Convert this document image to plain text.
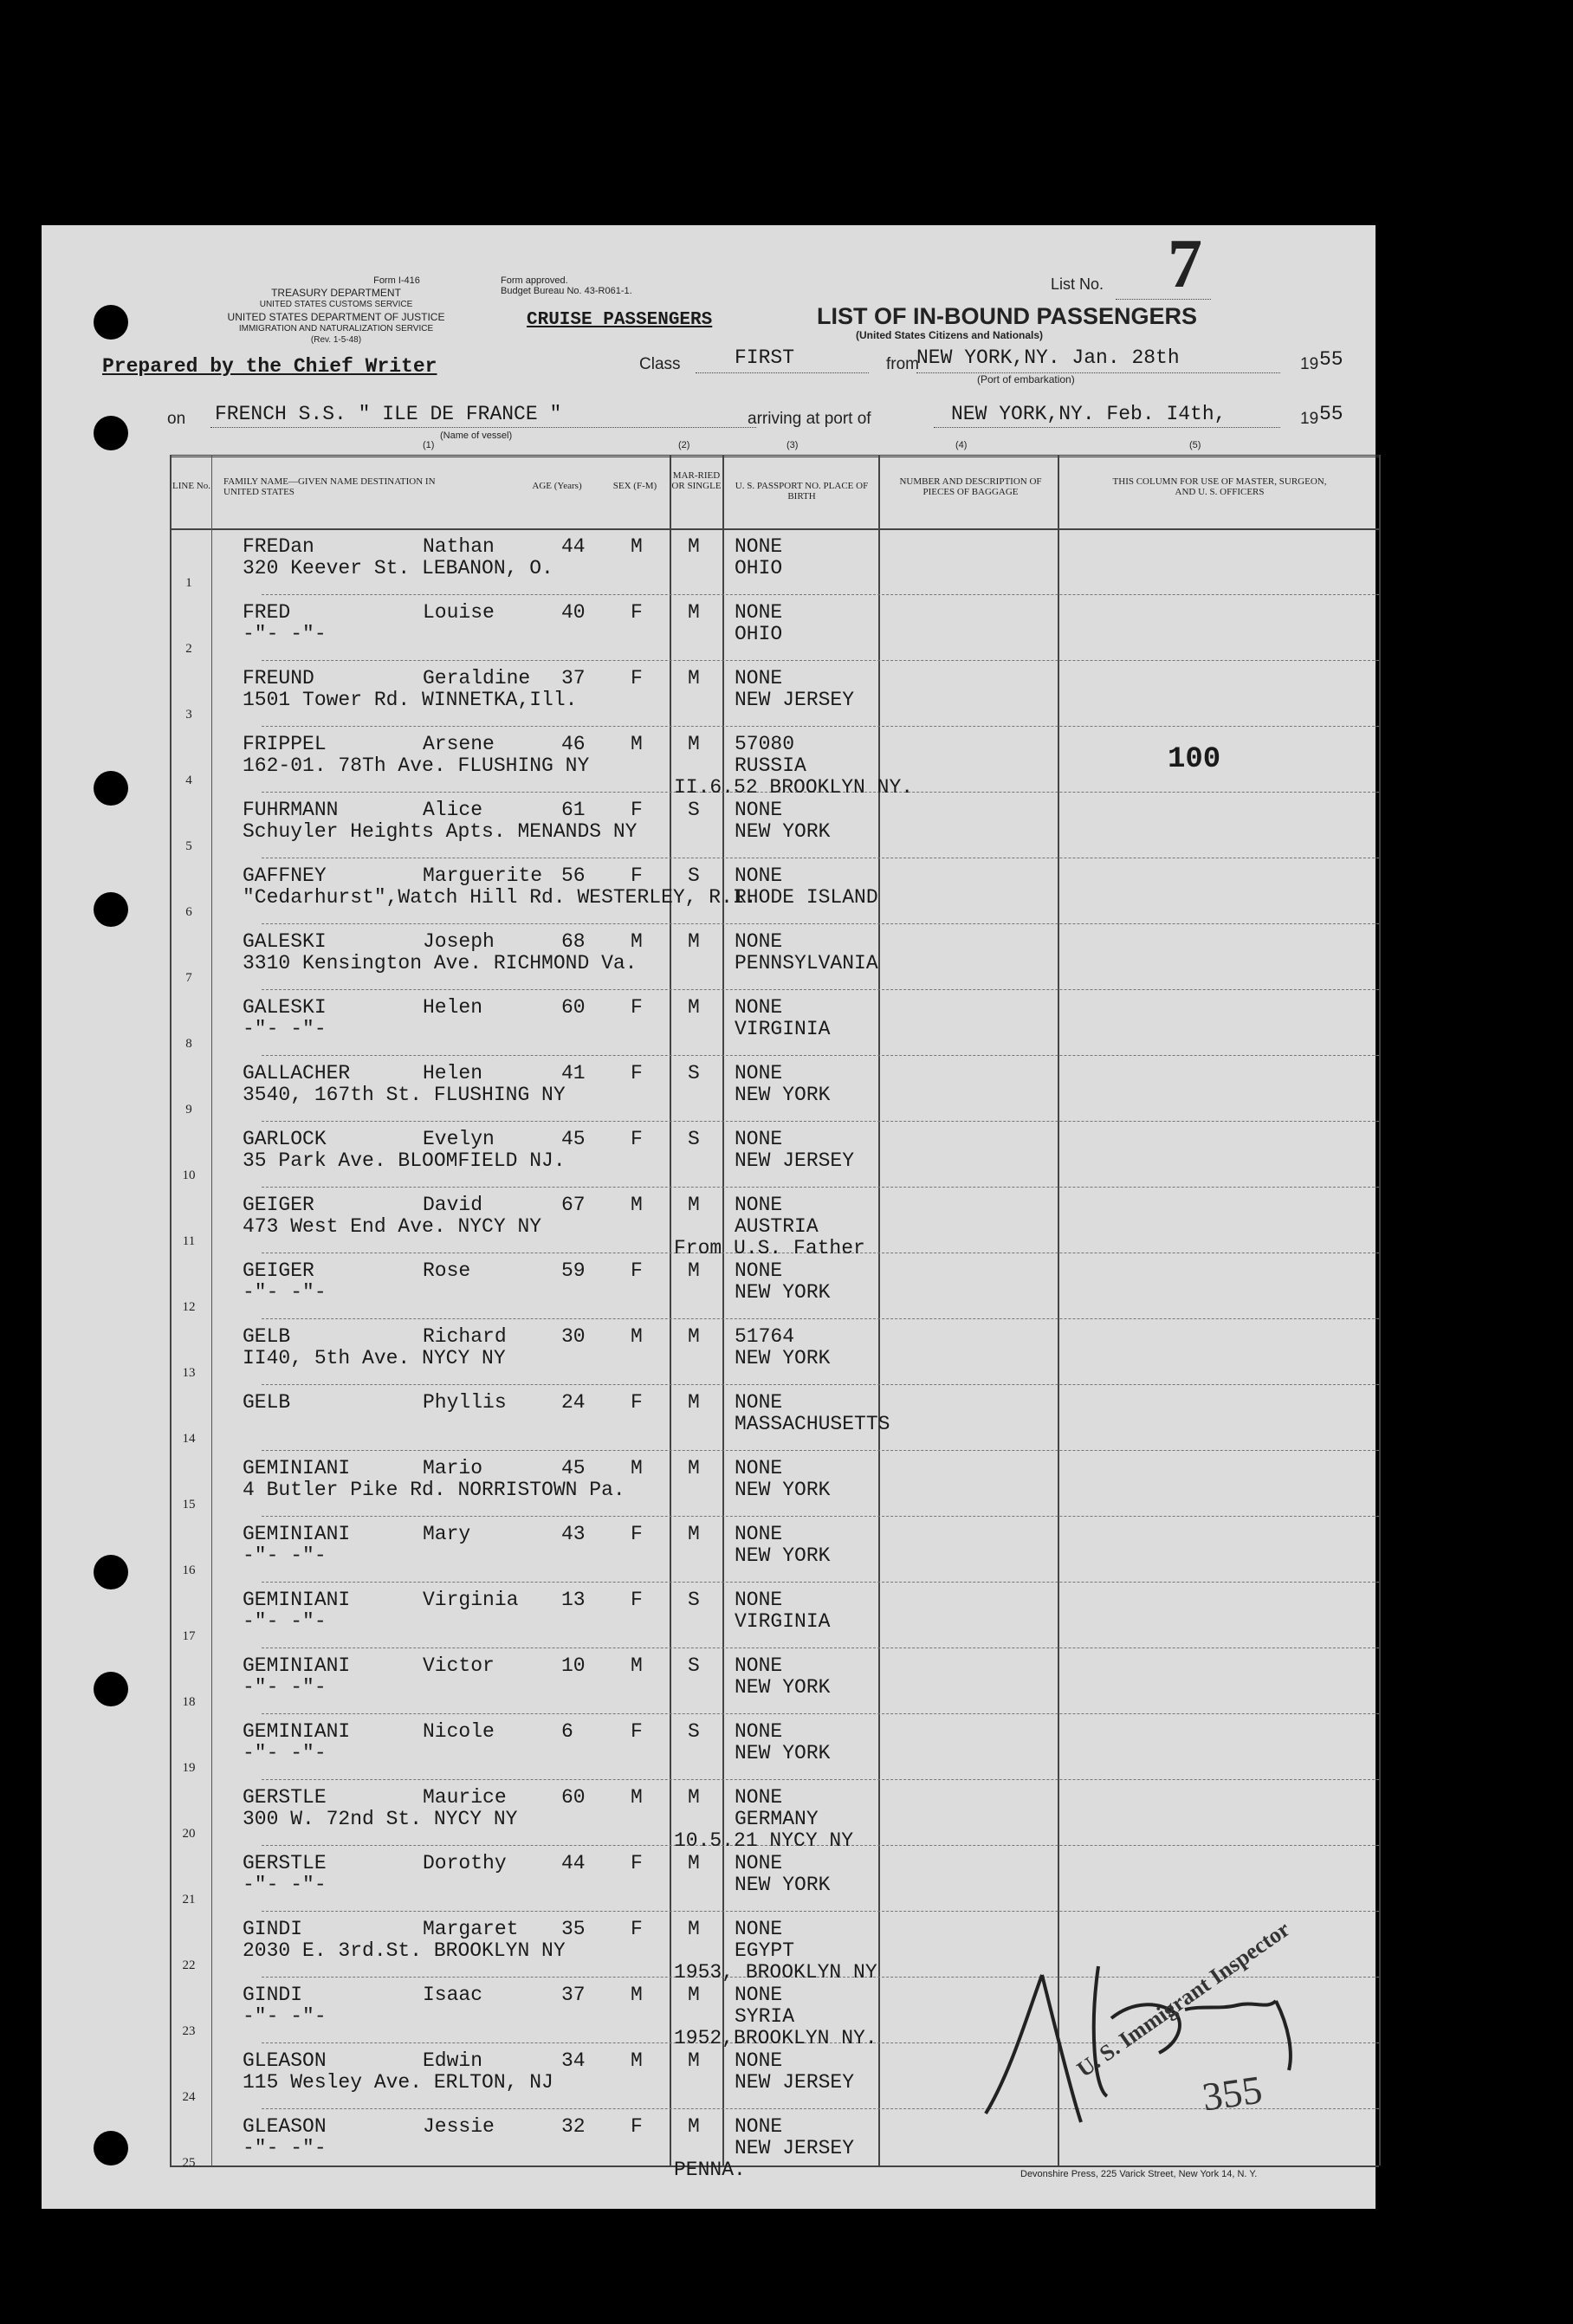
Form I-416
TREASURY DEPARTMENT
UNITED STATES CUSTOMS SERVICE
UNITED STATES DEPARTMENT OF JUSTICE
IMMIGRATION AND NATURALIZATION SERVICE
(Rev. 1-5-48)
Form approved.
Budget Bureau No. 43-R061-1.
CRUISE PASSENGERS	LIST OF IN-BOUND PASSENGERS
(United States Citizens and Nationals)
List No. 7
Prepared by the Chief Writer	Class	FIRST	from
NEW YORK,NY. Jan. 28th	19 55
(Port of embarkation)
on FRENCH S.S. " ILE DE FRANCE "
(Name of vessel)
arriving at port of	NEW YORK,NY. Feb. I4th,	19 55
(1)	(2)	(3)	(4)	(5)
LINE No. FAMILY NAME—GIVEN NAME DESTINATION IN UNITED STATES
AGE (Years)	SEX (F-M)
MAR-RIED OR SINGLE	U. S. PASSPORT NO. PLACE OF BIRTH
NUMBER AND DESCRIPTION OF PIECES OF BAGGAGE
THIS COLUMN FOR USE OF MASTER, SURGEON, AND U. S. OFFICERS
1
FREDan	Nathan	44 M M NONE
320 Keever St. LEBANON, O.	OHIO
2
FRED	Louise	40 F M NONE
-"- -"-	OHIO
3
FREUND	Geraldine 37 F M NONE
1501 Tower Rd. WINNETKA,Ill.	NEW JERSEY
4
FRIPPEL	Arsene	46 M M 57080
162-01. 78Th Ave. FLUSHING NY	RUSSIA
II.6.52 BROOKLYN NY.
5
FUHRMANN	Alice	61 F S NONE
Schuyler Heights Apts. MENANDS NY	NEW YORK
6
GAFFNEY	Marguerite 56 F S NONE
"Cedarhurst",Watch Hill Rd. WESTERLEY, R.I.
RHODE ISLAND
7
GALESKI	Joseph	68 M M NONE
3310 Kensington Ave. RICHMOND Va.	PENNSYLVANIA
8
GALESKI	Helen	60 F M NONE
-"- -"-	VIRGINIA
9
GALLACHER	Helen	41 F S NONE
3540, 167th St. FLUSHING NY	NEW YORK
10
GARLOCK	Evelyn	45 F S NONE
35 Park Ave. BLOOMFIELD NJ.	NEW JERSEY
11
GEIGER	David	67 M M NONE
473 West End Ave. NYCY NY	AUSTRIA
From U.S. Father
12
GEIGER	Rose	59 F M NONE
-"- -"-	NEW YORK
13
GELB	Richard	30 M M 51764
II40, 5th Ave. NYCY NY	NEW YORK
14
GELB	Phyllis	24 F M NONE
MASSACHUSETTS
15
GEMINIANI	Mario	45 M M NONE
4 Butler Pike Rd. NORRISTOWN Pa.	NEW YORK
16
GEMINIANI	Mary	43 F M NONE
-"- -"-	NEW YORK
17
GEMINIANI	Virginia 13 F S NONE
-"- -"-	VIRGINIA
18
GEMINIANI	Victor	10 M S NONE
-"- -"-	NEW YORK
19
GEMINIANI	Nicole	6	F S NONE
-"- -"-	NEW YORK
20
GERSTLE	Maurice	60 M M NONE
300 W. 72nd St. NYCY NY	GERMANY
10.5.21 NYCY NY
21
GERSTLE	Dorothy	44 F M NONE
-"- -"-	NEW YORK
22
GINDI	Margaret 35 F M NONE
2030 E. 3rd.St. BROOKLYN NY	EGYPT
1953, BROOKLYN NY
23
GINDI	Isaac	37 M M NONE
-"- -"-	SYRIA
1952,BROOKLYN NY.
24
GLEASON	Edwin	34 M M NONE
115 Wesley Ave. ERLTON, NJ	NEW JERSEY
25
GLEASON	Jessie	32 F M NONE
-"- -"-	NEW JERSEY
PENNA.
100
U. S. Immigrant Inspector
355
Devonshire Press, 225 Varick Street, New York 14, N. Y.
